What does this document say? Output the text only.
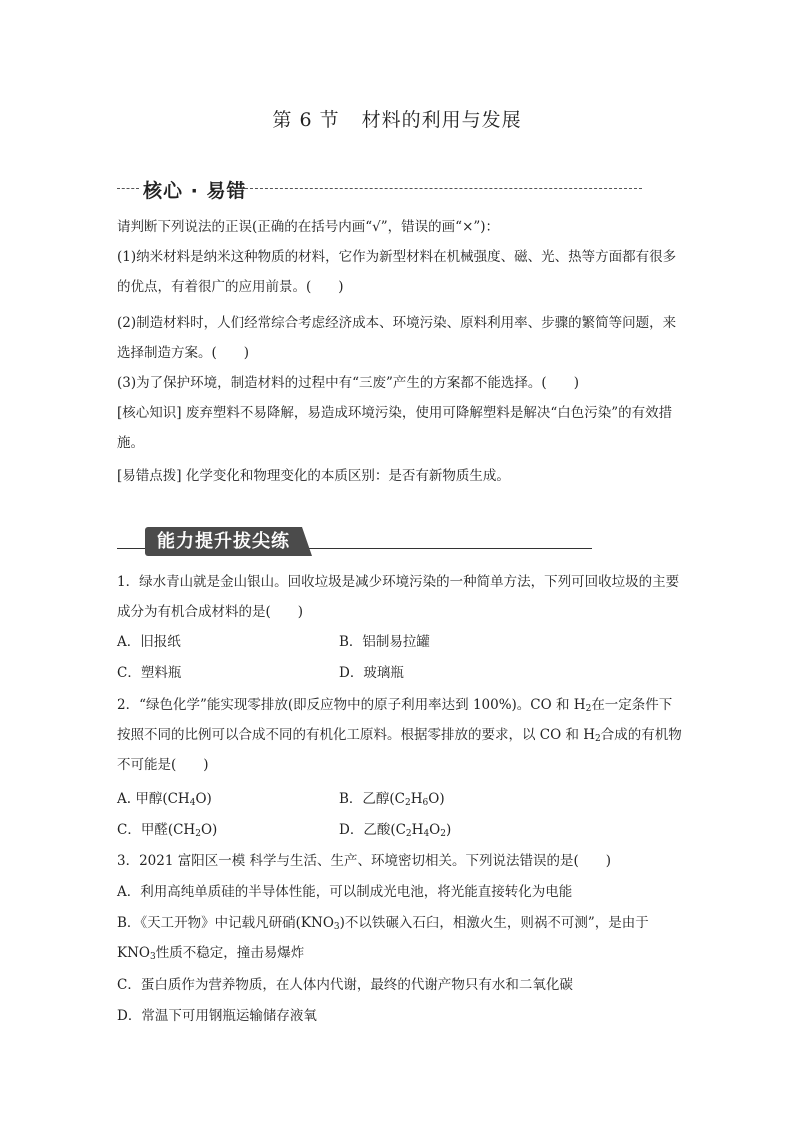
第 6 节 材料的利用与发展
核心 · 易错

请判断下列说法的正误(正确的在括号内画“√”，错误的画“×”)：

(1)纳米材料是纳米这种物质的材料，它作为新型材料在机械强度、磁、光、热等方面都有很多的优点，有着很广的应用前景。(　　)

(2)制造材料时，人们经常综合考虑经济成本、环境污染、原料利用率、步骤的繁简等问题，来选择制造方案。(　　)

(3)为了保护环境，制造材料的过程中有“三废”产生的方案都不能选择。(　　)

[核心知识] 废弃塑料不易降解，易造成环境污染，使用可降解塑料是解决“白色污染”的有效措施。

[易错点拨] 化学变化和物理变化的本质区别：是否有新物质生成。

能力提升拔尖练
1．绿水青山就是金山银山。回收垃圾是减少环境污染的一种简单方法，下列可回收垃圾的主要成分为有机合成材料的是(　　)
A．旧报纸	B．铝制易拉罐
C．塑料瓶	D．玻璃瓶
2．“绿色化学”能实现零排放(即反应物中的原子利用率达到 100%)。CO 和 $H_2$在一定条件下按照不同的比例可以合成不同的有机化工原料。根据零排放的要求，以 CO 和 $H_2$合成的有机物不可能是(　　)
A. 甲醇$(CH_4O)$	B．乙醇$(C_2H_6O)$
C．甲醛$(CH_2O)$	D．乙酸$(C_2H_4O_2)$
3．2021 富阳区一模 科学与生活、生产、环境密切相关。下列说法错误的是(　　)
A．利用高纯单质硅的半导体性能，可以制成光电池，将光能直接转化为电能
B．《天工开物》中记载凡研硝$(KNO_3)$不以铁碾入石臼，相激火生，则祸不可测”，是由于 $KNO_3$性质不稳定，撞击易爆炸
C．蛋白质作为营养物质，在人体内代谢，最终的代谢产物只有水和二氧化碳
D．常温下可用钢瓶运输储存液氧
